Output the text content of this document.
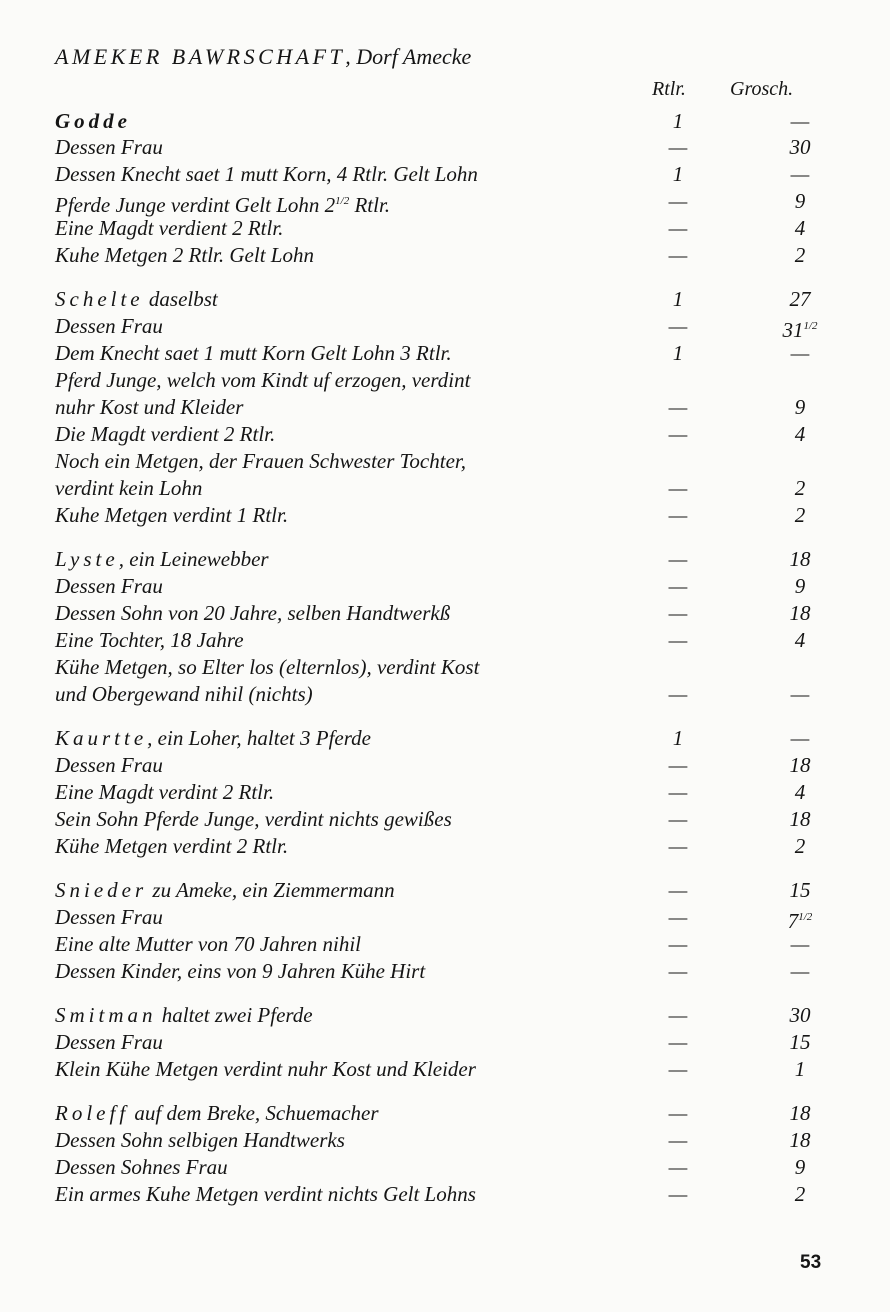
AMEKER BAWRSCHAFT, Dorf Amecke
Rtlr. Grosch.
Godde	1	—
Dessen Frau	—	30
Dessen Knecht saet 1 mutt Korn, 4 Rtlr. Gelt Lohn	1	—
Pferde Junge verdint Gelt Lohn $2^{1/2}$ Rtlr.	—	9
Eine Magdt verdient 2 Rtlr.	—	4
Kuhe Metgen 2 Rtlr. Gelt Lohn	—	2
Schelte daselbst	1	27
Dessen Frau	—	$31^{1/2}$
Dem Knecht saet 1 mutt Korn Gelt Lohn 3 Rtlr.	1	—
Pferd Junge, welch vom Kindt uf erzogen, verdint
nuhr Kost und Kleider	—	9
Die Magdt verdient 2 Rtlr.	—	4
Noch ein Metgen, der Frauen Schwester Tochter,
verdint kein Lohn	—	2
Kuhe Metgen verdint 1 Rtlr.	—	2
Lyste, ein Leinewebber	—	18
Dessen Frau	—	9
Dessen Sohn von 20 Jahre, selben Handtwerkß	—	18
Eine Tochter, 18 Jahre	—	4
Kühe Metgen, so Elter los (elternlos), verdint Kost
und Obergewand nihil (nichts)	—	—
Kaurtte, ein Loher, haltet 3 Pferde	1	—
Dessen Frau	—	18
Eine Magdt verdint 2 Rtlr.	—	4
Sein Sohn Pferde Junge, verdint nichts gewißes	—	18
Kühe Metgen verdint 2 Rtlr.	—	2
Snieder zu Ameke, ein Ziemmermann	—	15
Dessen Frau	—	$7^{1/2}$
Eine alte Mutter von 70 Jahren nihil	—	—
Dessen Kinder, eins von 9 Jahren Kühe Hirt	—	—
Smitman haltet zwei Pferde	—	30
Dessen Frau	—	15
Klein Kühe Metgen verdint nuhr Kost und Kleider	—	1
Roleff auf dem Breke, Schuemacher	—	18
Dessen Sohn selbigen Handtwerks	—	18
Dessen Sohnes Frau	—	9
Ein armes Kuhe Metgen verdint nichts Gelt Lohns	—	2
53
